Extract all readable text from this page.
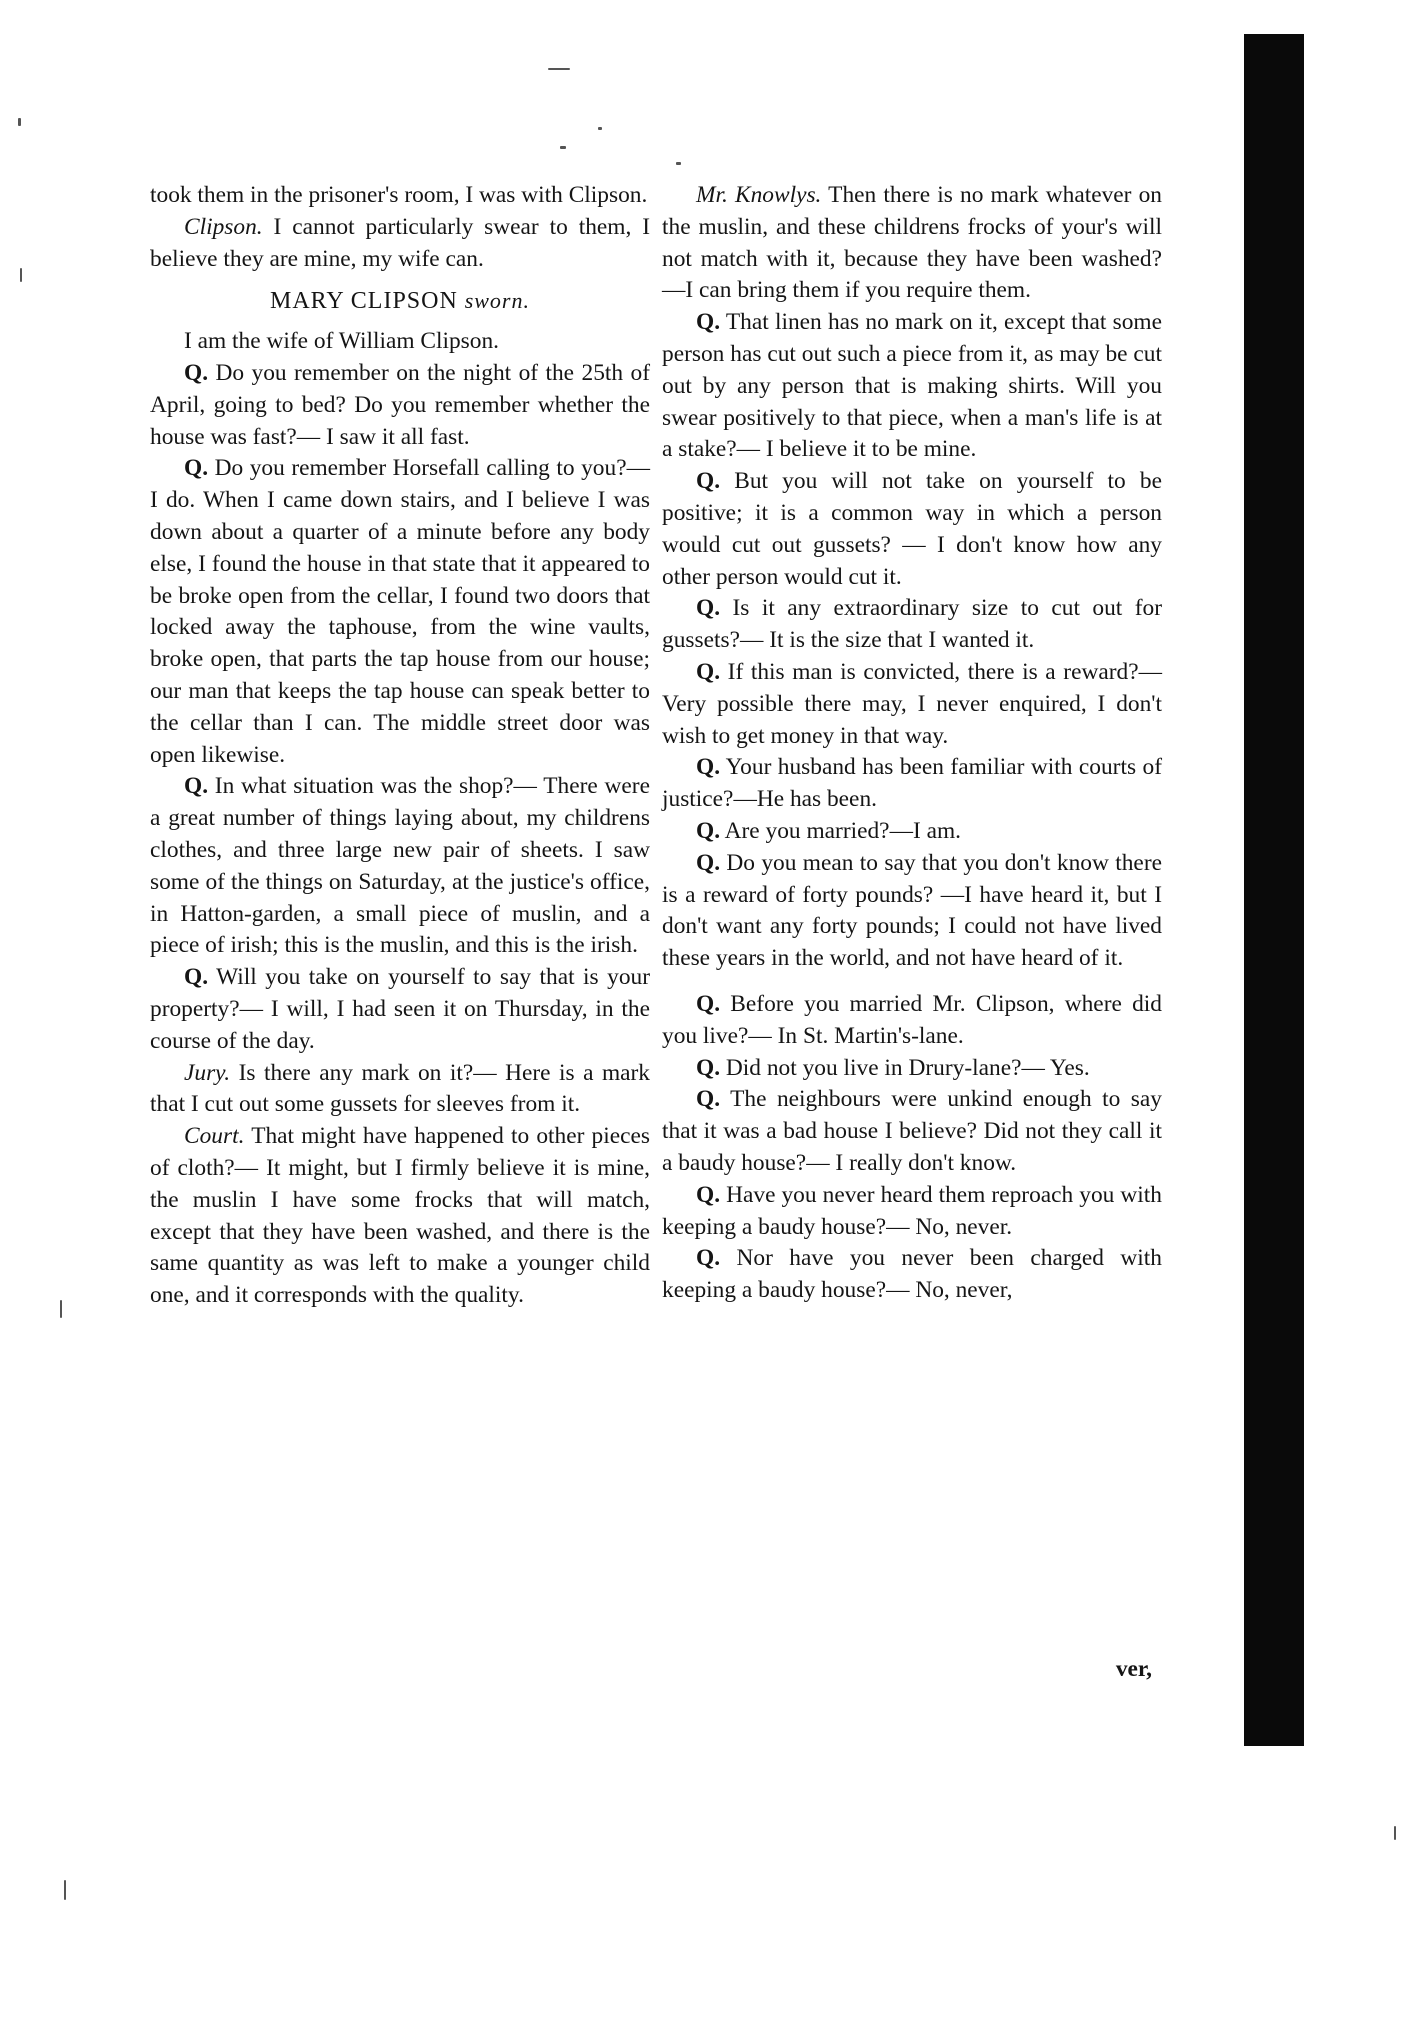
took them in the prisoner's room, I was with Clipson.

Clipson. I cannot particularly swear to them, I believe they are mine, my wife can.

MARY CLIPSON sworn.

I am the wife of William Clipson.

Q. Do you remember on the night of the 25th of April, going to bed? Do you remember whether the house was fast?— I saw it all fast.

Q. Do you remember Horsefall calling to you?—I do. When I came down stairs, and I believe I was down about a quarter of a minute before any body else, I found the house in that state that it appeared to be broke open from the cellar, I found two doors that locked away the taphouse, from the wine vaults, broke open, that parts the tap house from our house; our man that keeps the tap house can speak better to the cellar than I can. The middle street door was open likewise.

Q. In what situation was the shop?— There were a great number of things laying about, my childrens clothes, and three large new pair of sheets. I saw some of the things on Saturday, at the justice's office, in Hatton-garden, a small piece of muslin, and a piece of irish; this is the muslin, and this is the irish.

Q. Will you take on yourself to say that is your property?— I will, I had seen it on Thursday, in the course of the day.

Jury. Is there any mark on it?— Here is a mark that I cut out some gussets for sleeves from it.

Court. That might have happened to other pieces of cloth?— It might, but I firmly believe it is mine, the muslin I have some frocks that will match, except that they have been washed, and there is the same quantity as was left to make a younger child one, and it corresponds with the quality.

Mr. Knowlys. Then there is no mark whatever on the muslin, and these childrens frocks of your's will not match with it, because they have been washed? —I can bring them if you require them.

Q. That linen has no mark on it, except that some person has cut out such a piece from it, as may be cut out by any person that is making shirts. Will you swear positively to that piece, when a man's life is at a stake?— I believe it to be mine.

Q. But you will not take on yourself to be positive; it is a common way in which a person would cut out gussets? — I don't know how any other person would cut it.

Q. Is it any extraordinary size to cut out for gussets?— It is the size that I wanted it.

Q. If this man is convicted, there is a reward?—Very possible there may, I never enquired, I don't wish to get money in that way.

Q. Your husband has been familiar with courts of justice?—He has been.

Q. Are you married?—I am.

Q. Do you mean to say that you don't know there is a reward of forty pounds? —I have heard it, but I don't want any forty pounds; I could not have lived these years in the world, and not have heard of it.

Q. Before you married Mr. Clipson, where did you live?— In St. Martin's-lane.

Q. Did not you live in Drury-lane?— Yes.

Q. The neighbours were unkind enough to say that it was a bad house I believe? Did not they call it a baudy house?— I really don't know.

Q. Have you never heard them reproach you with keeping a baudy house?— No, never.

Q. Nor have you never been charged with keeping a baudy house?— No, never,

ver,
